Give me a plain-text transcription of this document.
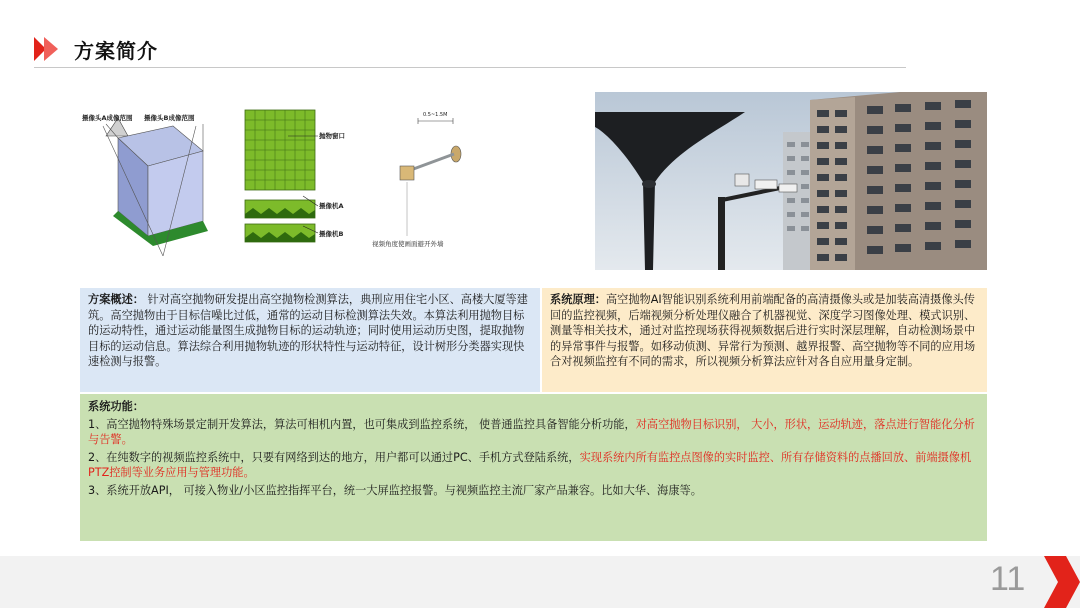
方案简介
摄像头A成像范围 摄像头B成像范围
抛物窗口
摄像机A
摄像机B
0.5~1.5M
视频角度使画面避开外墙
方案概述： 针对高空抛物研发提出高空抛物检测算法，典刑应用住宅小区、高楼大厦等建筑。高空抛物由于目标信噪比过低，通常的运动目标检测算法失效。本算法利用抛物目标的运动特性，通过运动能量图生成抛物目标的运动轨迹；同时使用运动历史图，提取抛物目标的运动信息。算法综合利用抛物轨迹的形状特性与运动特征，设计树形分类器实现快速检测与报警。
系统原理：高空抛物AI智能识别系统利用前端配备的高清摄像头或是加装高清摄像头传回的监控视频，后端视频分析处理仪融合了机器视觉、深度学习图像处理、模式识别、测量等相关技术，通过对监控现场获得视频数据后进行实时深层理解，自动检测场景中的异常事件与报警。如移动侦测、异常行为预测、越界报警、高空抛物等不同的应用场合对视频监控有不同的需求，所以视频分析算法应针对各自应用量身定制。
系统功能：
1、高空抛物特殊场景定制开发算法，算法可相机内置，也可集成到监控系统， 使普通监控具备智能分析功能，对高空抛物目标识别， 大小，形状，运动轨迹，落点进行智能化分析与告警。
2、在纯数字的视频监控系统中，只要有网络到达的地方，用户都可以通过PC、手机方式登陆系统，实现系统内所有监控点图像的实时监控、所有存储资料的点播回放、前端摄像机PTZ控制等业务应用与管理功能。
3、系统开放API， 可接入物业/小区监控指挥平台，统一大屏监控报警。与视频监控主流厂家产品兼容。比如大华、海康等。
11
